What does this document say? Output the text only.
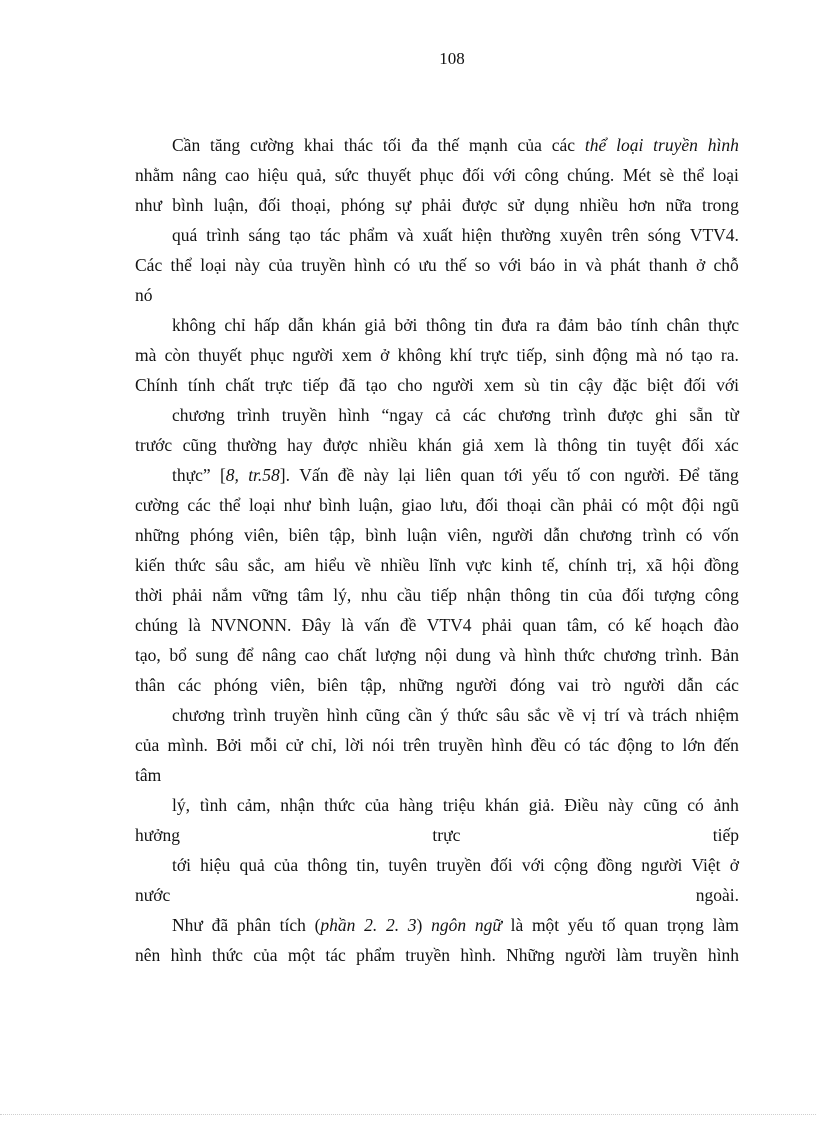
108
Cần tăng cường khai thác tối đa thế mạnh của các thể loại truyền hình
nhằm nâng cao hiệu quả, sức thuyết phục đối với công chúng. Mét sè thể loại
như bình luận, đối thoại, phóng sự phải được sử dụng nhiều hơn nữa trong
quá trình sáng tạo tác phẩm và xuất hiện thường xuyên trên sóng VTV4.
Các thể loại này của truyền hình có ưu thế so với báo in và phát thanh ở chỗ
nó
không chỉ hấp dẫn khán giả bởi thông tin đưa ra đảm bảo tính chân thực
mà còn thuyết phục người xem ở không khí trực tiếp, sinh động mà nó tạo ra.
Chính tính chất trực tiếp đã tạo cho người xem sù tin cậy đặc biệt đối với
chương trình truyền hình “ngay cả các chương trình được ghi sẵn từ
trước cũng thường hay được nhiều khán giả xem là thông tin tuyệt đối xác
thực” [8, tr.58]. Vấn đề này lại liên quan tới yếu tố con người. Để tăng
cường các thể loại như bình luận, giao lưu, đối thoại cần phải có một đội ngũ
những phóng viên, biên tập, bình luận viên, người dẫn chương trình có vốn
kiến thức sâu sắc, am hiểu về nhiều lĩnh vực kinh tế, chính trị, xã hội đồng
thời phải nắm vững tâm lý, nhu cầu tiếp nhận thông tin của đối tượng công
chúng là NVNONN. Đây là vấn đề VTV4 phải quan tâm, có kế hoạch đào
tạo, bổ sung để nâng cao chất lượng nội dung và hình thức chương trình. Bản
thân các phóng viên, biên tập, những người đóng vai trò người dẫn các
chương trình truyền hình cũng cần ý thức sâu sắc về vị trí và trách nhiệm
của mình. Bởi mỗi cử chỉ, lời nói trên truyền hình đều có tác động to lớn đến
tâm
lý, tình cảm, nhận thức của hàng triệu khán giả. Điều này cũng có ảnh
hưởng	trực	tiếp
tới hiệu quả của thông tin, tuyên truyền đối với cộng đồng người Việt ở
nước	ngoài.
Như đã phân tích (phần 2. 2. 3) ngôn ngữ là một yếu tố quan trọng làm
nên hình thức của một tác phẩm truyền hình. Những người làm truyền hình
